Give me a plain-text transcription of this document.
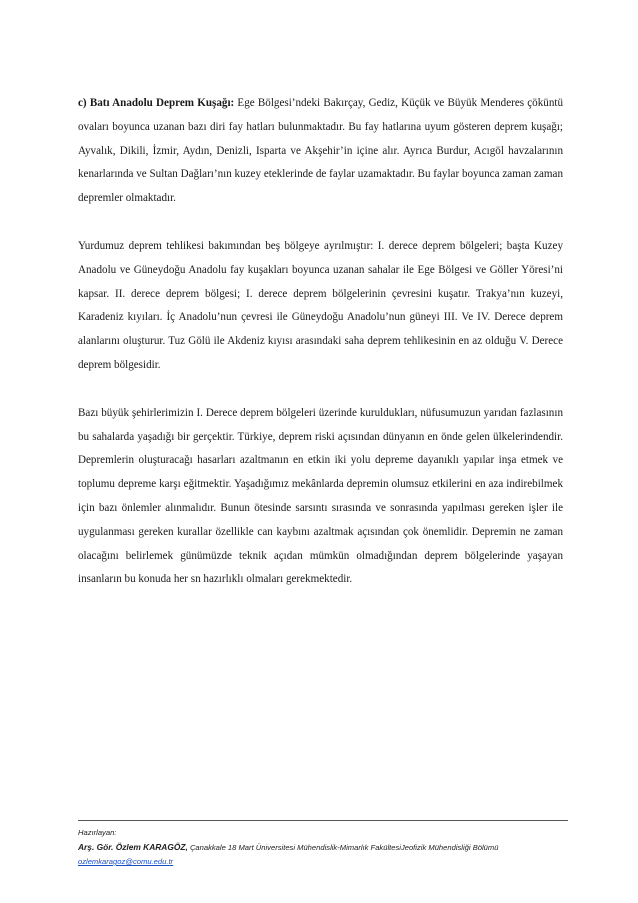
c) Batı Anadolu Deprem Kuşağı: Ege Bölgesi’ndeki Bakırçay, Gediz, Küçük ve Büyük Menderes çöküntü ovaları boyunca uzanan bazı diri fay hatları bulunmaktadır. Bu fay hatlarına uyum gösteren deprem kuşağı; Ayvalık, Dikili, İzmir, Aydın, Denizli, Isparta ve Akşehir’in içine alır. Ayrıca Burdur, Acıgöl havzalarının kenarlarında ve Sultan Dağları’nın kuzey eteklerinde de faylar uzamaktadır. Bu faylar boyunca zaman zaman depremler olmaktadır.

Yurdumuz deprem tehlikesi bakımından beş bölgeye ayrılmıştır: I. derece deprem bölgeleri; başta Kuzey Anadolu ve Güneydoğu Anadolu fay kuşakları boyunca uzanan sahalar ile Ege Bölgesi ve Göller Yöresi’ni kapsar. II. derece deprem bölgesi; I. derece deprem bölgelerinin çevresini kuşatır. Trakya’nın kuzeyi, Karadeniz kıyıları. İç Anadolu’nun çevresi ile Güneydoğu Anadolu’nun güneyi III. Ve IV. Derece deprem alanlarını oluşturur. Tuz Gölü ile Akdeniz kıyısı arasındaki saha deprem tehlikesinin en az olduğu V. Derece deprem bölgesidir.

Bazı büyük şehirlerimizin I. Derece deprem bölgeleri üzerinde kurulduklar​ı, nüfusumuzun yarıdan fazlasının bu sahalarda yaşadığı bir gerçektir. Türkiye, deprem riski açısından dünyanın en önde gelen ülkelerindendir. Depremlerin oluşturacağı hasarları azaltmanın en etkin iki yolu depreme dayanıklı yapılar inşa etmek ve toplumu depreme karşı eğitmektir. Yaşadığımız mekânlarda depremin olumsuz etkilerini en aza indirebilmek için bazı önlemler alınmalıdır. Bunun ötesinde sarsıntı sırasında ve sonrasında yapılması gereken işler ile uygulanması gereken kurallar özellikle can kaybını azaltmak açısından çok önemlidir. Depremin ne zaman olacağını belirlemek günümüzde teknik açıdan mümkün olmadığından deprem bölgelerinde yaşayan insanların bu konuda her sn hazırlıklı olmaları gerekmektedir.

Hazırlayan:
Arş. Gör. Özlem KARAGÖZ, Çanakkale 18 Mart Üniversitesi Mühendislik-Mimarlık FakültesiJeofizik Mühendisliği Bölümü
ozlemkaragoz@comu.edu.tr
